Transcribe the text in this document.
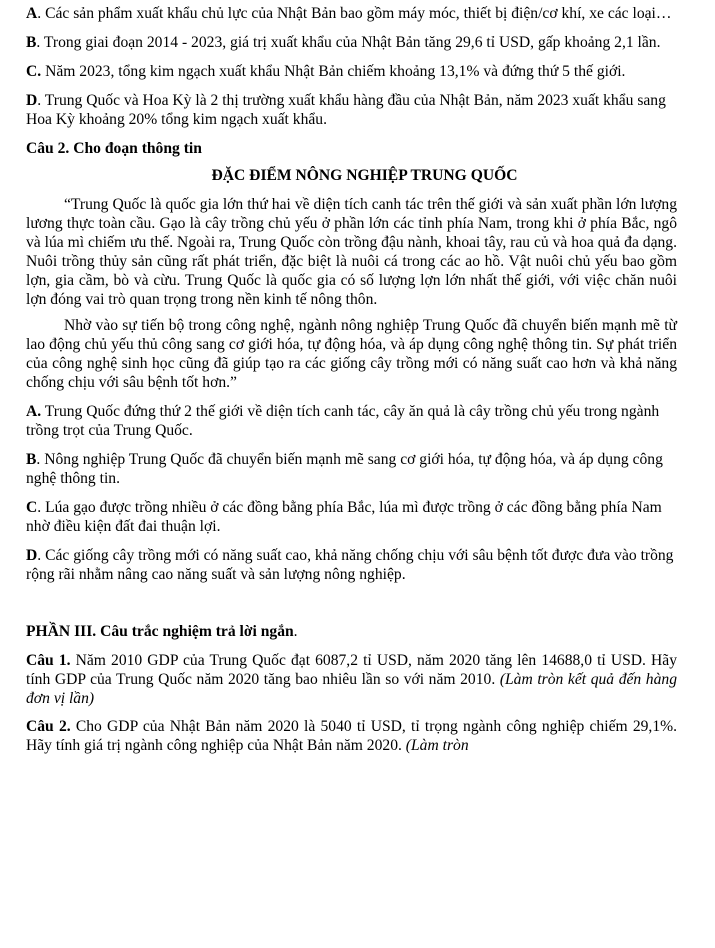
A. Các sản phẩm xuất khẩu chủ lực của Nhật Bản bao gồm máy móc, thiết bị điện/cơ khí, xe các loại…

B. Trong giai đoạn 2014 - 2023, giá trị xuất khẩu của Nhật Bản tăng 29,6 tỉ USD, gấp khoảng 2,1 lần.

C. Năm 2023, tổng kim ngạch xuất khẩu Nhật Bản chiếm khoảng 13,1% và đứng thứ 5 thế giới.

D. Trung Quốc và Hoa Kỳ là 2 thị trường xuất khẩu hàng đầu của Nhật Bản, năm 2023 xuất khẩu sang Hoa Kỳ khoảng 20% tổng kim ngạch xuất khẩu.

Câu 2. Cho đoạn thông tin

ĐẶC ĐIỂM NÔNG NGHIỆP TRUNG QUỐC

“Trung Quốc là quốc gia lớn thứ hai về diện tích canh tác trên thế giới và sản xuất phần lớn lượng lương thực toàn cầu. Gạo là cây trồng chủ yếu ở phần lớn các tỉnh phía Nam, trong khi ở phía Bắc, ngô và lúa mì chiếm ưu thế. Ngoài ra, Trung Quốc còn trồng đậu nành, khoai tây, rau củ và hoa quả đa dạng. Nuôi trồng thủy sản cũng rất phát triển, đặc biệt là nuôi cá trong các ao hồ. Vật nuôi chủ yếu bao gồm lợn, gia cầm, bò và cừu. Trung Quốc là quốc gia có số lượng lợn lớn nhất thế giới, với việc chăn nuôi lợn đóng vai trò quan trọng trong nền kinh tế nông thôn.

Nhờ vào sự tiến bộ trong công nghệ, ngành nông nghiệp Trung Quốc đã chuyển biến mạnh mẽ từ lao động chủ yếu thủ công sang cơ giới hóa, tự động hóa, và áp dụng công nghệ thông tin. Sự phát triển của công nghệ sinh học cũng đã giúp tạo ra các giống cây trồng mới có năng suất cao hơn và khả năng chống chịu với sâu bệnh tốt hơn.”

A. Trung Quốc đứng thứ 2 thế giới về diện tích canh tác, cây ăn quả là cây trồng chủ yếu trong ngành trồng trọt của Trung Quốc.

B. Nông nghiệp Trung Quốc đã chuyển biến mạnh mẽ sang cơ giới hóa, tự động hóa, và áp dụng công nghệ thông tin.

C. Lúa gạo được trồng nhiều ở các đồng bằng phía Bắc, lúa mì được trồng ở các đồng bằng phía Nam nhờ điều kiện đất đai thuận lợi.

D. Các giống cây trồng mới có năng suất cao, khả năng chống chịu với sâu bệnh tốt được đưa vào trồng rộng rãi nhằm nâng cao năng suất và sản lượng nông nghiệp.

PHẦN III. Câu trắc nghiệm trả lời ngắn.

Câu 1. Năm 2010 GDP của Trung Quốc đạt 6087,2 tỉ USD, năm 2020 tăng lên 14688,0 tỉ USD. Hãy tính GDP của Trung Quốc năm 2020 tăng bao nhiêu lần so với năm 2010. (Làm tròn kết quả đến hàng đơn vị lần)

Câu 2. Cho GDP của Nhật Bản năm 2020 là 5040 tỉ USD, tỉ trọng ngành công nghiệp chiếm 29,1%. Hãy tính giá trị ngành công nghiệp của Nhật Bản năm 2020. (Làm tròn
